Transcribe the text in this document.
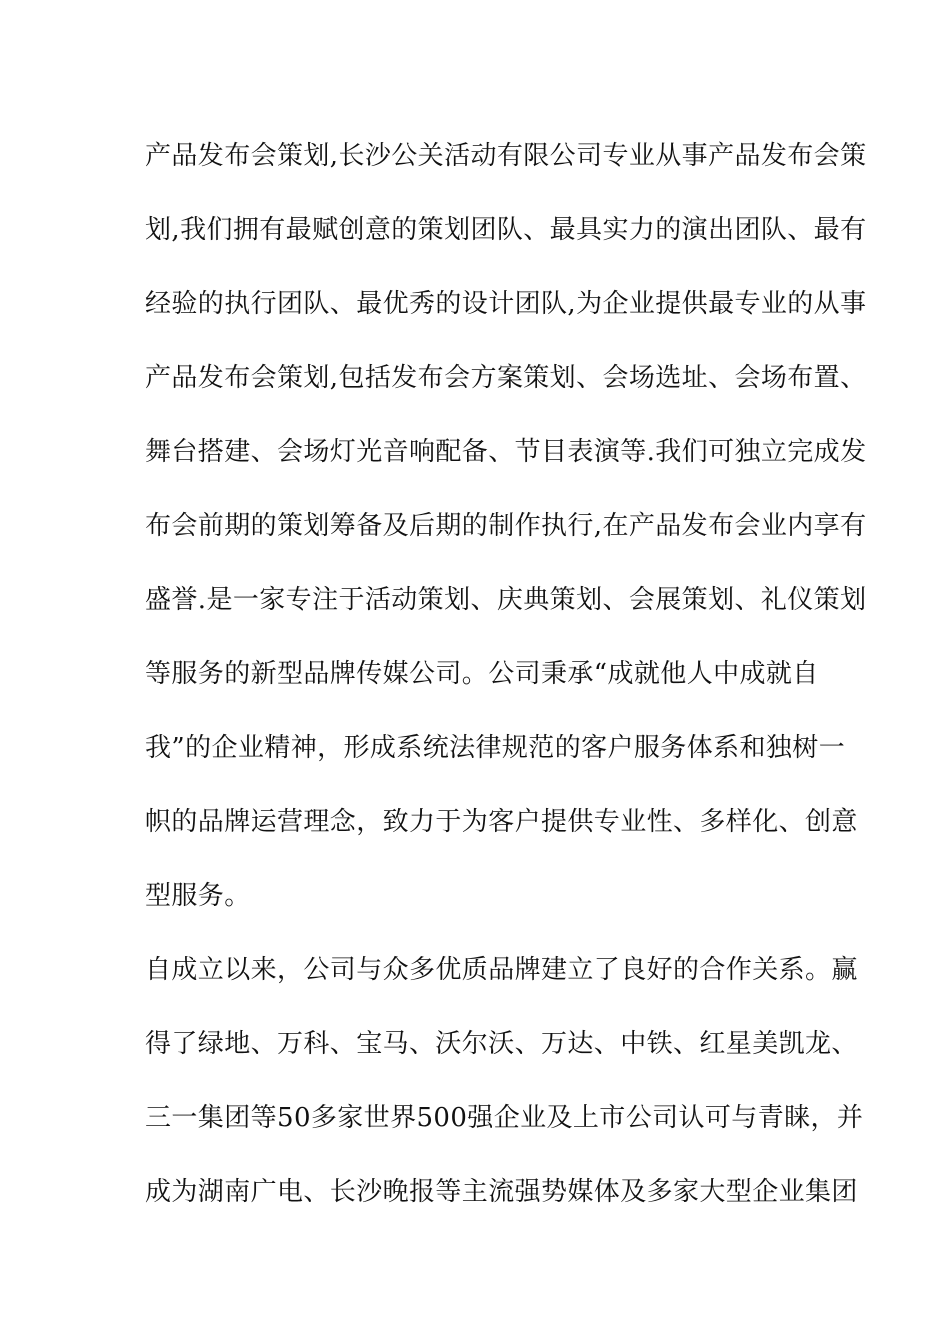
产品发布会策划,长沙公关活动有限公司专业从事产品发布会策
划,我们拥有最赋创意的策划团队、最具实力的演出团队、最有
经验的执行团队、最优秀的设计团队,为企业提供最专业的从事
产品发布会策划,包括发布会方案策划、会场选址、会场布置、
舞台搭建、会场灯光音响配备、节目表演等.我们可独立完成发
布会前期的策划筹备及后期的制作执行,在产品发布会业内享有
盛誉.是一家专注于活动策划、庆典策划、会展策划、礼仪策划
等服务的新型品牌传媒公司。公司秉承“成就他人中成就自
我”的企业精神，形成系统法律规范的客户服务体系和独树一
帜的品牌运营理念，致力于为客户提供专业性、多样化、创意
型服务。
自成立以来，公司与众多优质品牌建立了良好的合作关系。赢
得了绿地、万科、宝马、沃尔沃、万达、中铁、红星美凯龙、
三一集团等50多家世界500强企业及上市公司认可与青睐，并
成为湖南广电、长沙晚报等主流强势媒体及多家大型企业集团
